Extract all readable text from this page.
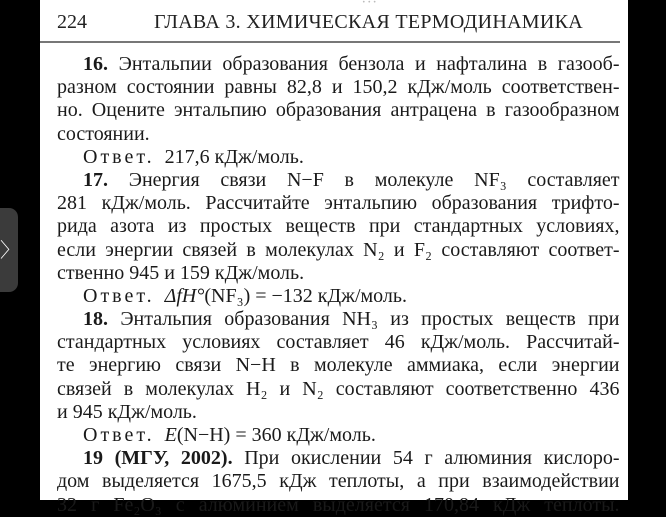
• • •
224	ГЛАВА 3. ХИМИЧЕСКАЯ ТЕРМОДИНАМИКА
16. Энтальпии образования бензола и нафталина в газооб-
разном состоянии равны 82,8 и 150,2 кДж/моль соответствен-
но. Оцените энтальпию образования антрацена в газообразном
состоянии.
Ответ. 217,6 кДж/моль.
17. Энергия связи N−F в молекуле NF₃ составляет
281 кДж/моль. Рассчитайте энтальпию образования трифто-
рида азота из простых веществ при стандартных условиях,
если энергии связей в молекулах N₂ и F₂ составляют соответ-
ственно 945 и 159 кДж/моль.
Ответ. ΔfH°(NF₃) = −132 кДж/моль.
18. Энтальпия образования NH₃ из простых веществ при
стандартных условиях составляет 46 кДж/моль. Рассчитай-
те энергию связи N−H в молекуле аммиака, если энергии
связей в молекулах H₂ и N₂ составляют соответственно 436
и 945 кДж/моль.
Ответ. E(N−H) = 360 кДж/моль.
19 (МГУ, 2002). При окислении 54 г алюминия кислоро-
дом выделяется 1675,5 кДж теплоты, а при взаимодействии
32 г Fe₂O₃ с алюминием выделяется 170,84 кДж теплоты.
〉
